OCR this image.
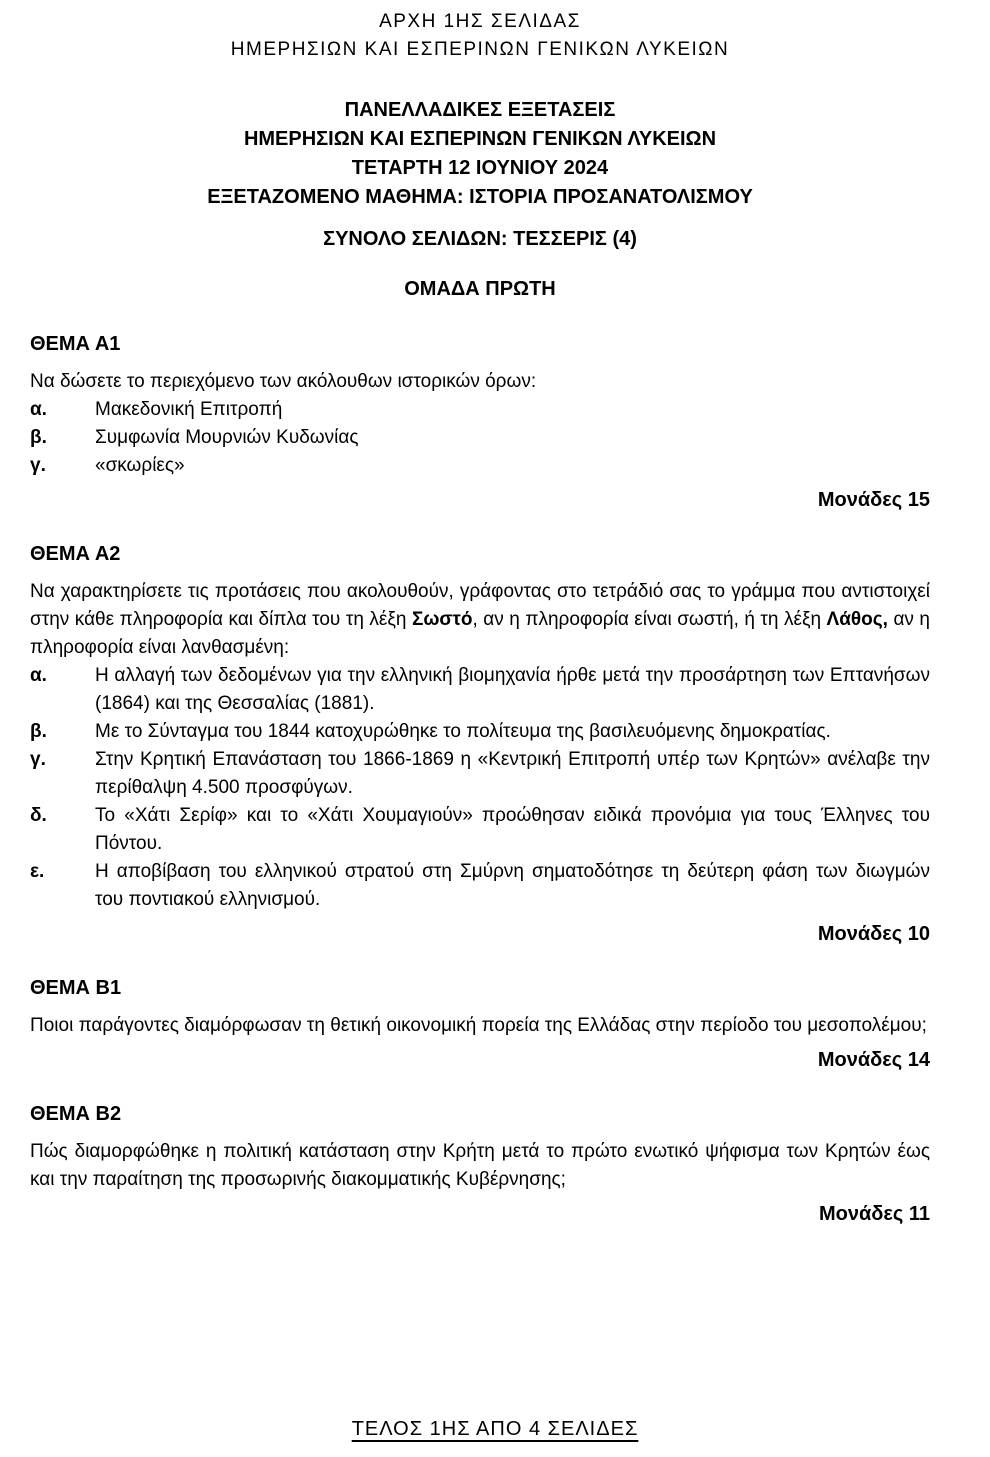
ΑΡΧΗ 1ΗΣ ΣΕΛΙΔΑΣ
ΗΜΕΡΗΣΙΩΝ ΚΑΙ ΕΣΠΕΡΙΝΩΝ ΓΕΝΙΚΩΝ ΛΥΚΕΙΩΝ
ΠΑΝΕΛΛΑΔΙΚΕΣ ΕΞΕΤΑΣΕΙΣ
ΗΜΕΡΗΣΙΩΝ ΚΑΙ ΕΣΠΕΡΙΝΩΝ ΓΕΝΙΚΩΝ ΛΥΚΕΙΩΝ
ΤΕΤΑΡΤΗ 12 ΙΟΥΝΙΟΥ 2024
ΕΞΕΤΑΖΟΜΕΝΟ ΜΑΘΗΜΑ: ΙΣΤΟΡΙΑ ΠΡΟΣΑΝΑΤΟΛΙΣΜΟΥ
ΣΥΝΟΛΟ ΣΕΛΙΔΩΝ: ΤΕΣΣΕΡΙΣ (4)
ΟΜΑΔΑ ΠΡΩΤΗ
ΘΕΜΑ Α1

Να δώσετε το περιεχόμενο των ακόλουθων ιστορικών όρων:

α.	Μακεδονική Επιτροπή
β.	Συμφωνία Μουρνιών Κυδωνίας
γ.	«σκωρίες»
Μονάδες 15
ΘΕΜΑ Α2

Να χαρακτηρίσετε τις προτάσεις που ακολουθούν, γράφοντας στο τετράδιό σας το γράμμα που αντιστοιχεί στην κάθε πληροφορία και δίπλα του τη λέξη Σωστό, αν η πληροφορία είναι σωστή, ή τη λέξη Λάθος, αν η πληροφορία είναι λανθασμένη:

α.	Η αλλαγή των δεδομένων για την ελληνική βιομηχανία ήρθε μετά την προσάρτηση των Επτανήσων (1864) και της Θεσσαλίας (1881).
β.	Με το Σύνταγμα του 1844 κατοχυρώθηκε το πολίτευμα της βασιλευόμενης δημοκρατίας.
γ.	Στην Κρητική Επανάσταση του 1866-1869 η «Κεντρική Επιτροπή υπέρ των Κρητών» ανέλαβε την περίθαλψη 4.500 προσφύγων.
δ.	Το «Χάτι Σερίφ» και το «Χάτι Χουμαγιούν» προώθησαν ειδικά προνόμια για τους Έλληνες του Πόντου.
ε.	Η αποβίβαση του ελληνικού στρατού στη Σμύρνη σηματοδότησε τη δεύτερη φάση των διωγμών του ποντιακού ελληνισμού.
Μονάδες 10
ΘΕΜΑ Β1

Ποιοι παράγοντες διαμόρφωσαν τη θετική οικονομική πορεία της Ελλάδας στην περίοδο του μεσοπολέμου;

Μονάδες 14
ΘΕΜΑ Β2

Πώς διαμορφώθηκε η πολιτική κατάσταση στην Κρήτη μετά το πρώτο ενωτικό ψήφισμα των Κρητών έως και την παραίτηση της προσωρινής διακομματικής Κυβέρνησης;

Μονάδες 11
ΤΕΛΟΣ 1ΗΣ ΑΠΟ 4 ΣΕΛΙΔΕΣ
